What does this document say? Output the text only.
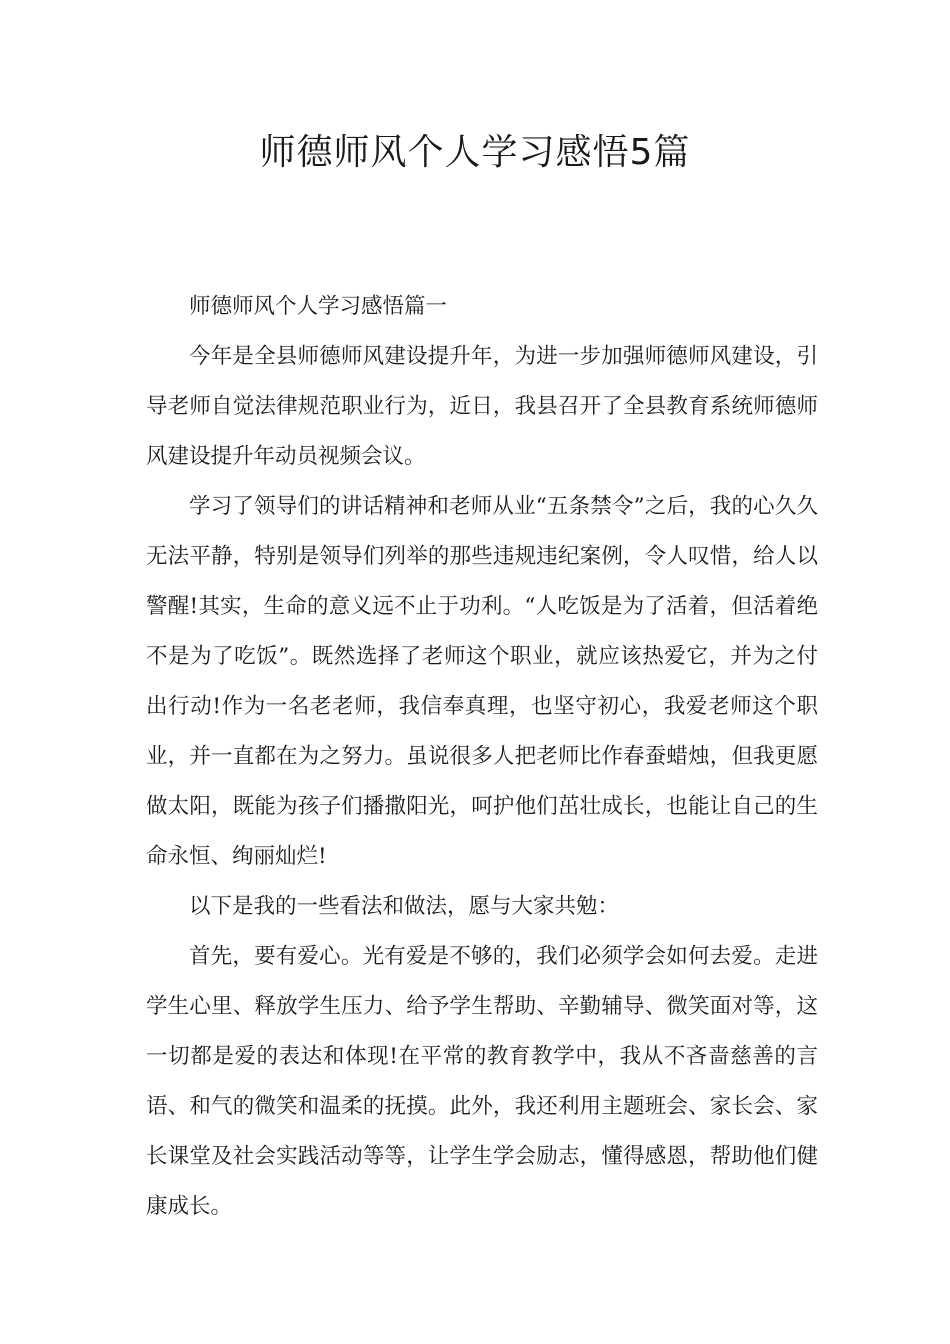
师德师风个人学习感悟5篇

师德师风个人学习感悟篇一

今年是全县师德师风建设提升年，为进一步加强师德师风建设，引导老师自觉法律规范职业行为，近日，我县召开了全县教育系统师德师风建设提升年动员视频会议。

学习了领导们的讲话精神和老师从业“五条禁令”之后，我的心久久无法平静，特别是领导们列举的那些违规违纪案例，令人叹惜，给人以警醒!其实，生命的意义远不止于功利。“人吃饭是为了活着，但活着绝不是为了吃饭”。既然选择了老师这个职业，就应该热爱它，并为之付出行动!作为一名老老师，我信奉真理，也坚守初心，我爱老师这个职业，并一直都在为之努力。虽说很多人把老师比作春蚕蜡烛，但我更愿做太阳，既能为孩子们播撒阳光，呵护他们茁壮成长，也能让自己的生命永恒、绚丽灿烂!

以下是我的一些看法和做法，愿与大家共勉：

首先，要有爱心。光有爱是不够的，我们必须学会如何去爱。走进学生心里、释放学生压力、给予学生帮助、辛勤辅导、微笑面对等，这一切都是爱的表达和体现!在平常的教育教学中，我从不吝啬慈善的言语、和气的微笑和温柔的抚摸。此外，我还利用主题班会、家长会、家长课堂及社会实践活动等等，让学生学会励志，懂得感恩，帮助他们健康成长。
